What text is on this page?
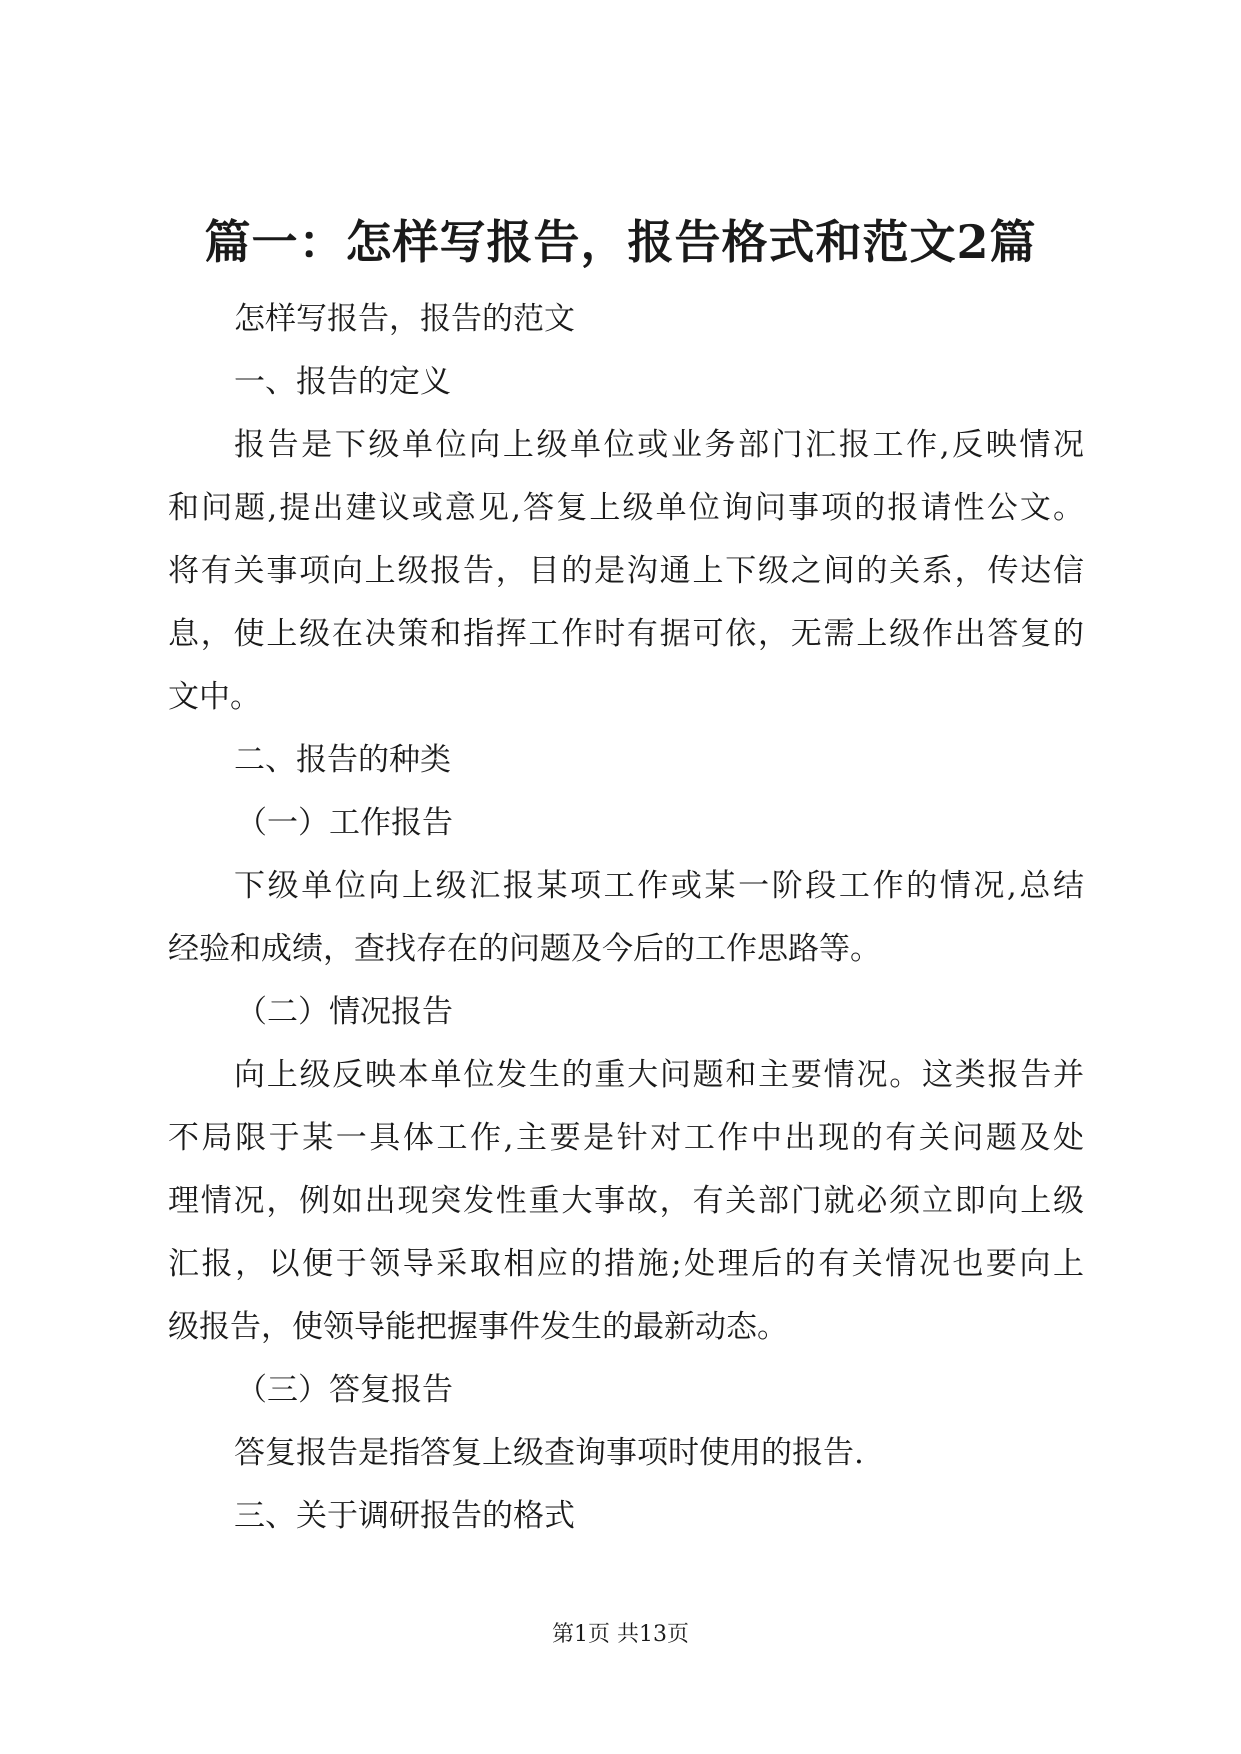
篇一：怎样写报告，报告格式和范文2篇
怎样写报告，报告的范文
一、报告的定义
报告是下级单位向上级单位或业务部门汇报工作,反映情况
和问题,提出建议或意见,答复上级单位询问事项的报请性公文。
将有关事项向上级报告，目的是沟通上下级之间的关系，传达信
息，使上级在决策和指挥工作时有据可依，无需上级作出答复的
文中。
二、报告的种类
（一）工作报告
下级单位向上级汇报某项工作或某一阶段工作的情况,总结
经验和成绩，查找存在的问题及今后的工作思路等。
（二）情况报告
向上级反映本单位发生的重大问题和主要情况。这类报告并
不局限于某一具体工作,主要是针对工作中出现的有关问题及处
理情况，例如出现突发性重大事故，有关部门就必须立即向上级
汇报，以便于领导采取相应的措施;处理后的有关情况也要向上
级报告，使领导能把握事件发生的最新动态。
（三）答复报告
答复报告是指答复上级查询事项时使用的报告.
三、关于调研报告的格式
第1页 共13页
